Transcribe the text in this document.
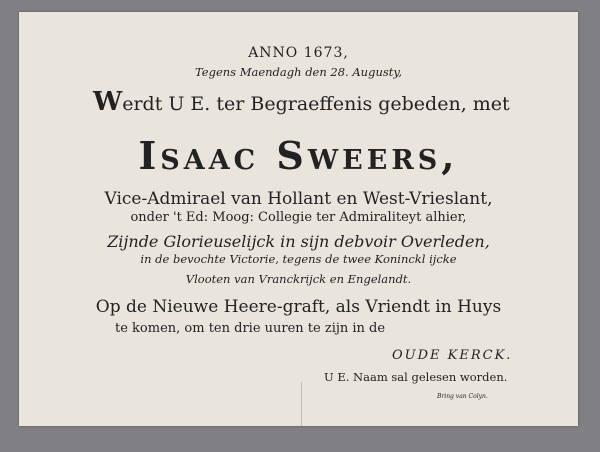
ANNO 1673,
Tegens Maendagh den 28. Augusty,
Werdt U E. ter Begraeffenis gebeden, met
Isaac Sweers,
Vice-Admirael van Hollant en West-Vrieslant,
onder 't Ed: Moog: Collegie ter Admiraliteyt alhier,
Zijnde Glorieuselijck in sijn debvoir Overleden,
in de bevochte Victorie, tegens de twee Koninckl ijcke
Vlooten van Vranckrijck en Engelandt.
Op de Nieuwe Heere-graft, als Vriendt in Huys
te komen, om ten drie uuren te zijn in de
OUDE KERCK.
U E. Naam sal gelesen worden.
Bring van Colyn.
